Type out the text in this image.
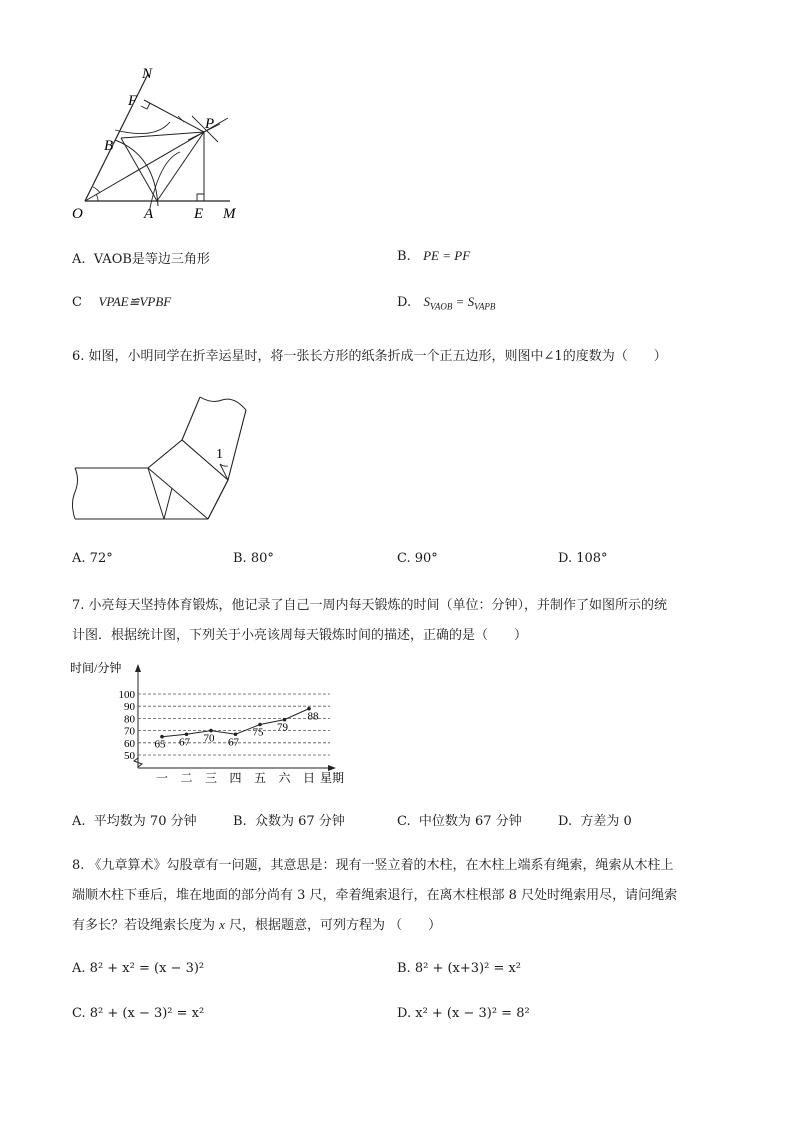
N
F
P
B
O	A	E M
A. VAOB是等边三角形	B. PE = PF
C VPAE≌VPBF	D. $S_{VAOB} = S_{VAPB}$
6. 如图，小明同学在折幸运星时，将一张长方形的纸条折成一个正五边形，则图中∠1的度数为（　　）
1
A. 72°	B. 80°	C. 90°	D. 108°
7. 小亮每天坚持体育锻炼，他记录了自己一周内每天锻炼的时间（单位：分钟），并制作了如图所示的统
计图．根据统计图，下列关于小亮该周每天锻炼时间的描述，正确的是（　　）
时间/分钟
星期
50
60
70
80
90
100
一 二 三 四 五 六 日
65 67 70 67
75 79
88
A. 平均数为 70 分钟	B. 众数为 67 分钟	C. 中位数为 67 分钟	D. 方差为 0
8. 《九章算术》勾股章有一问题，其意思是：现有一竖立着的木柱，在木柱上端系有绳索，绳索从木柱上
端顺木柱下垂后，堆在地面的部分尚有 3 尺，牵着绳索退行，在离木柱根部 8 尺处时绳索用尽，请问绳索
有多长？若设绳索长度为 x 尺，根据题意，可列方程为 （　　）
A. 8² + x² = (x − 3)²	B. 8² + (x+3)² = x²
C. 8² + (x − 3)² = x²	D. x² + (x − 3)² = 8²
